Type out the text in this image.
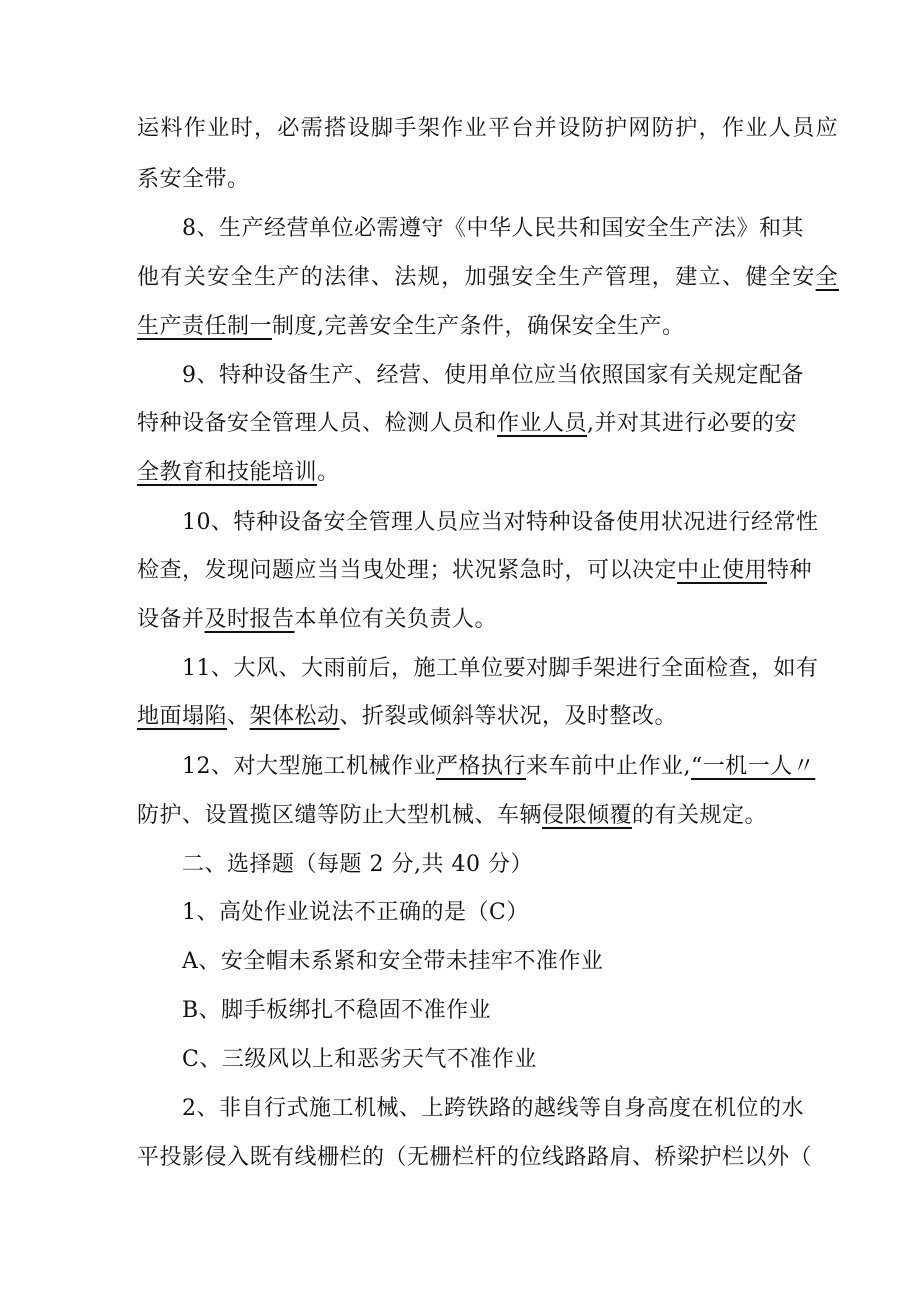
运料作业时，必需搭设脚手架作业平台并设防护网防护，作业人员应
系安全带。
8、生产经营单位必需遵守《中华人民共和国安全生产法》和其
他有关安全生产的法律、法规，加强安全生产管理，建立、健全安全
生产责任制一制度,完善安全生产条件，确保安全生产。
9、特种设备生产、经营、使用单位应当依照国家有关规定配备
特种设备安全管理人员、检测人员和作业人员,并对其进行必要的安
全教育和技能培训。
10、特种设备安全管理人员应当对特种设备使用状况进行经常性
检查，发现问题应当当曳处理；状况紧急时，可以决定中止使用特种
设备并及时报告本单位有关负责人。
11、大风、大雨前后，施工单位要对脚手架进行全面检查，如有
地面塌陷、架体松动、折裂或倾斜等状况，及时整改。
12、对大型施工机械作业严格执行来车前中止作业,“一机一人〃
防护、设置揽区缱等防止大型机械、车辆侵限倾覆的有关规定。
二、选择题（每题 2 分,共 40 分）
1、高处作业说法不正确的是（C）
A、安全帽未系紧和安全带未挂牢不准作业
B、脚手板绑扎不稳固不准作业
C、三级风以上和恶劣天气不准作业
2、非自行式施工机械、上跨铁路的越线等自身高度在机位的水
平投影侵入既有线栅栏的（无栅栏杆的位线路路肩、桥梁护栏以外（
